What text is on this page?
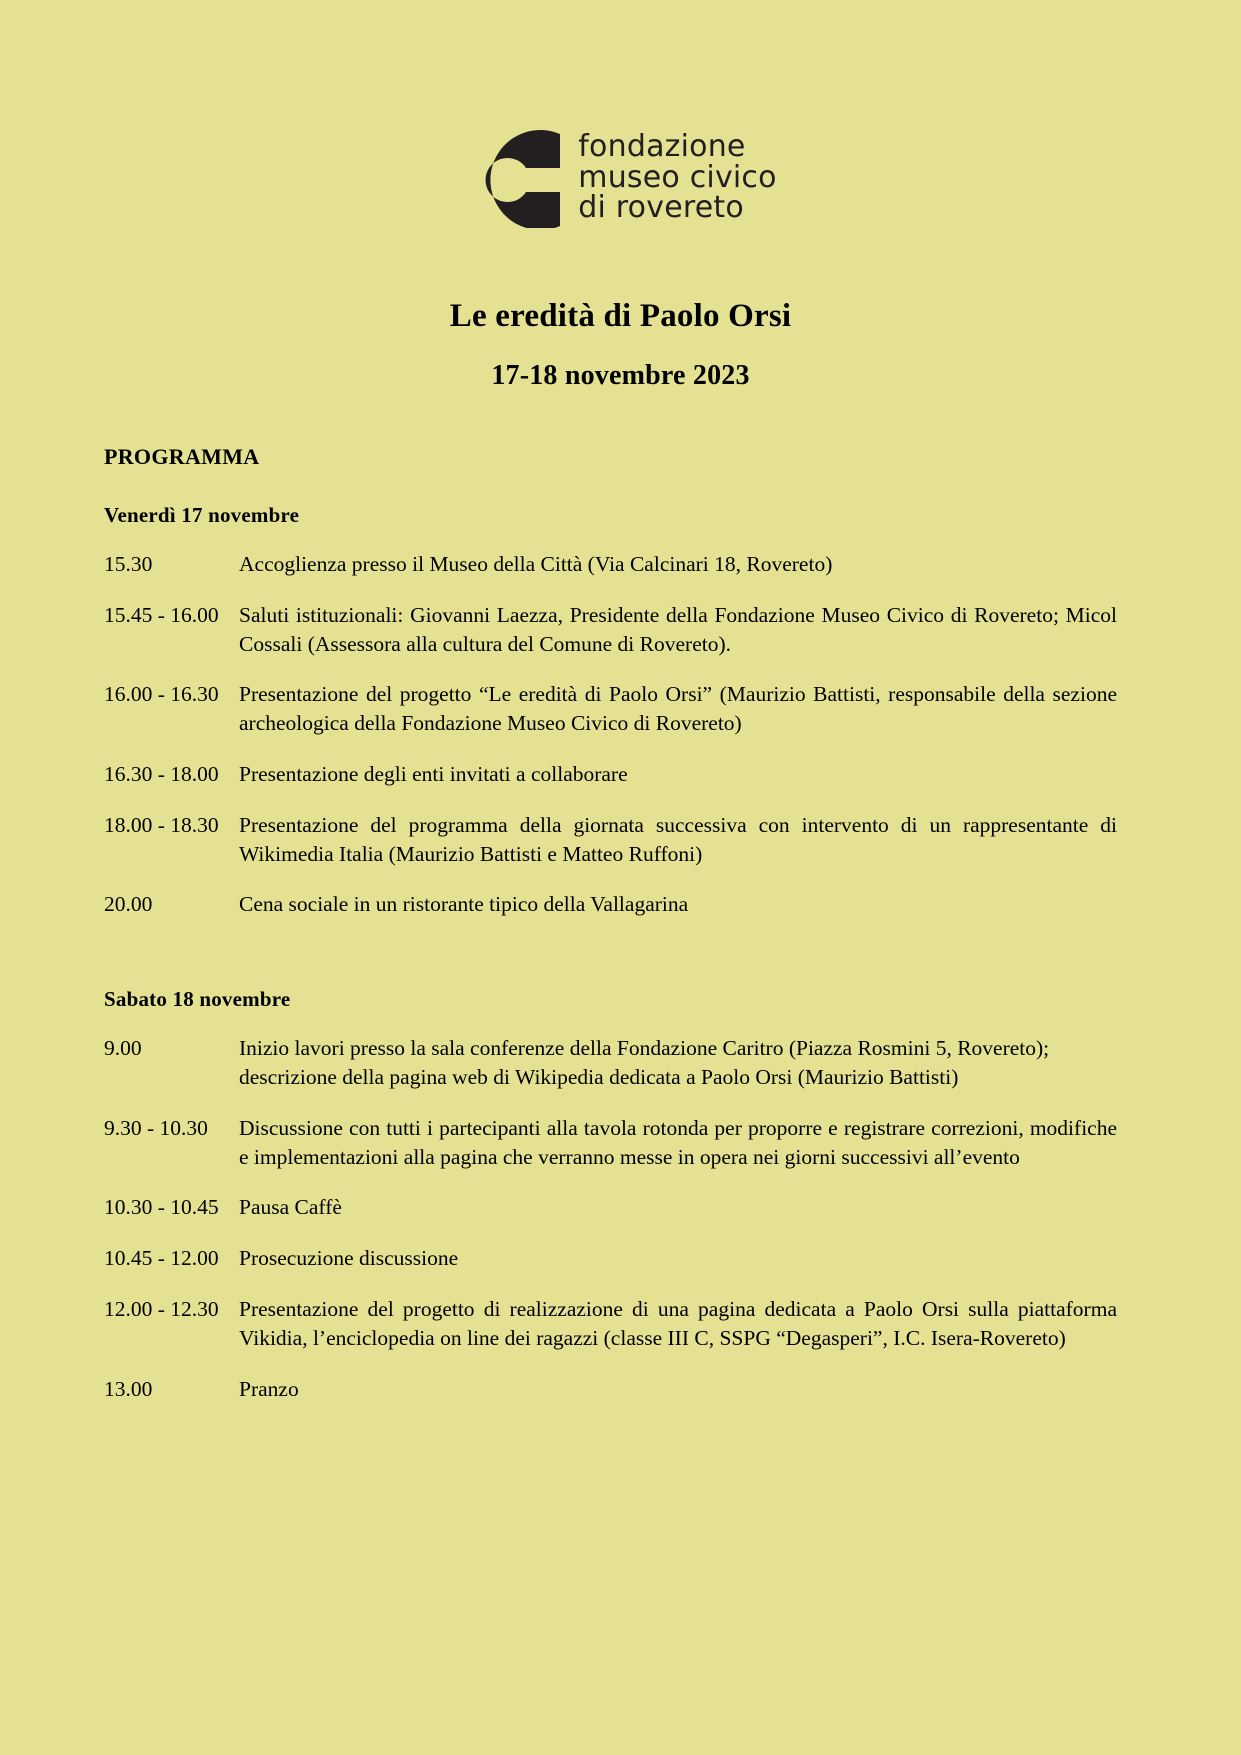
fondazione
museo civico
di rovereto
Le eredità di Paolo Orsi
17-18 novembre 2023
PROGRAMMA
Venerdì 17 novembre
15.30	Accoglienza presso il Museo della Città (Via Calcinari 18, Rovereto)
15.45 - 16.00 Saluti istituzionali: Giovanni Laezza, Presidente della Fondazione Museo Civico di Rovereto; Micol Cossali (Assessora alla cultura del Comune di Rovereto).
16.00 - 16.30 Presentazione del progetto “Le eredità di Paolo Orsi” (Maurizio Battisti, responsabile della sezione archeologica della Fondazione Museo Civico di Rovereto)
16.30 - 18.00 Presentazione degli enti invitati a collaborare
18.00 - 18.30 Presentazione del programma della giornata successiva con intervento di un rappresentante di Wikimedia Italia (Maurizio Battisti e Matteo Ruffoni)
20.00	Cena sociale in un ristorante tipico della Vallagarina
Sabato 18 novembre
9.00	Inizio lavori presso la sala conferenze della Fondazione Caritro (Piazza Rosmini 5, Rovereto); descrizione della pagina web di Wikipedia dedicata a Paolo Orsi (Maurizio Battisti)
9.30 - 10.30	Discussione con tutti i partecipanti alla tavola rotonda per proporre e registrare correzioni, modifiche e implementazioni alla pagina che verranno messe in opera nei giorni successivi all’evento
10.30 - 10.45 Pausa Caffè
10.45 - 12.00 Prosecuzione discussione
12.00 - 12.30 Presentazione del progetto di realizzazione di una pagina dedicata a Paolo Orsi sulla piattaforma Vikidia, l’enciclopedia on line dei ragazzi (classe III C, SSPG “Degasperi”, I.C. Isera-Rovereto)
13.00	Pranzo
